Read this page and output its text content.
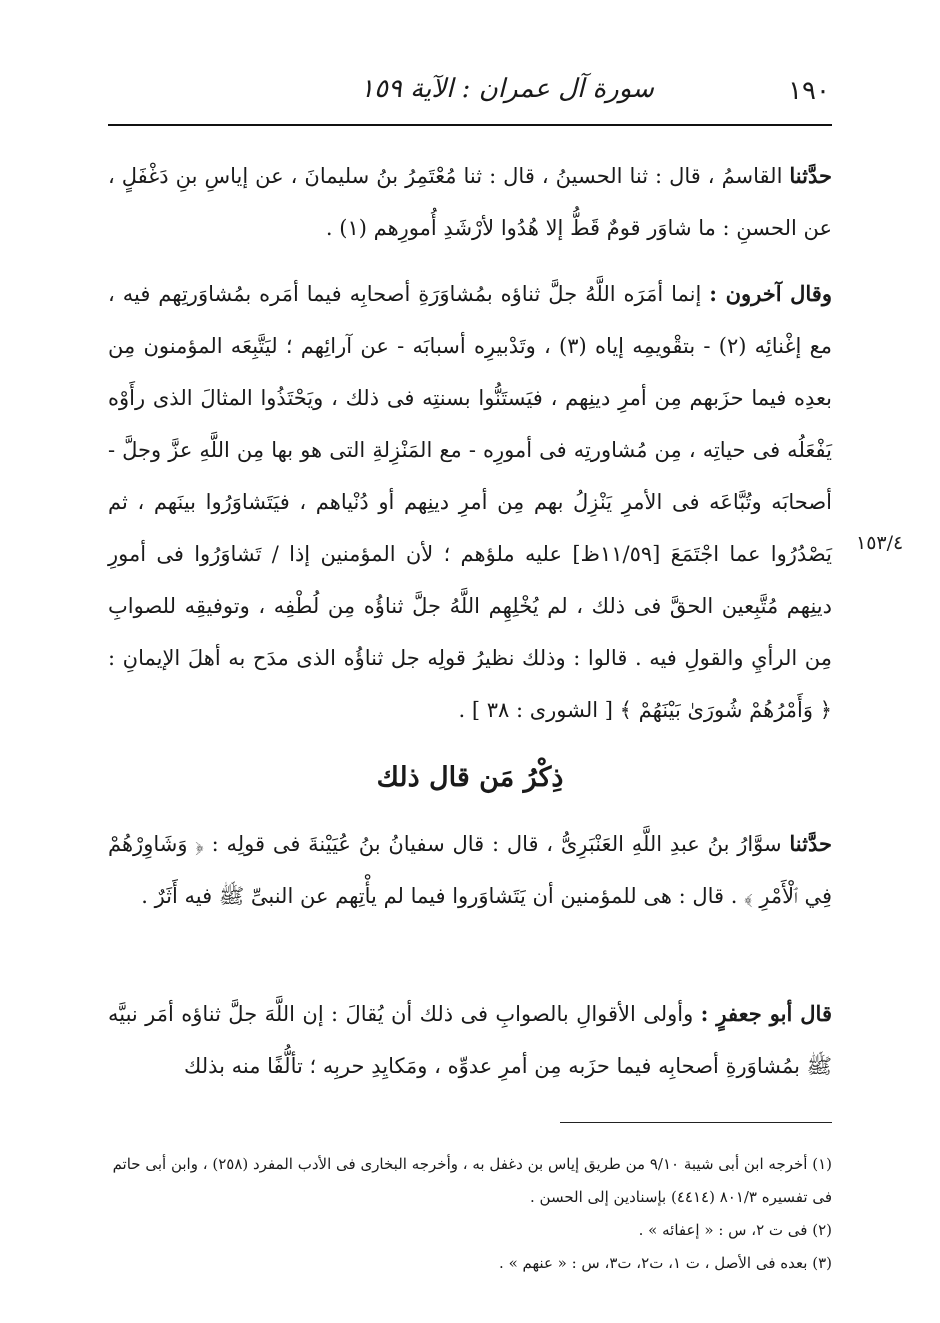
١٩٠
سورة آل عمران : الآية ١٥٩

حدَّثنا القاسمُ ، قال : ثنا الحسينُ ، قال : ثنا مُعْتَمِرُ بنُ سليمانَ ، عن إياسِ بنِ دَغْفَلٍ ، عن الحسنِ : ما شاوَر قومٌ قَطُّ إلا هُدُوا لأرْشَدِ أُمورِهم (١) .

وقال آخرون : إنما أمَرَه اللَّهُ جلَّ ثناؤه بمُشاوَرَةِ أصحابِه فيما أمَره بمُشاوَرتِهم فيه ، مع إغْنائِه (٢) - بتقْويمِه إياه (٣) ، وتَدْبيرِه أسبابَه - عن آرائِهم ؛ ليَتَّبِعَه المؤمنون مِن بعدِه فيما حزَبهم مِن أمرِ دينِهم ، فيَستَنُّوا بسنتِه فى ذلك ، ويَحْتَذُوا المثالَ الذى رأَوْه يَفْعَلُه فى حياتِه ، مِن مُشاورتِه فى أمورِه - مع المَنْزِلةِ التى هو بها مِن اللَّهِ عزَّ وجلَّ - أصحابَه وتُبَّاعَه فى الأمرِ يَنْزِلُ بهم مِن أمرِ دينِهم أو دُنْياهم ، فيَتَشاوَرُوا بينَهم ، ثم يَصْدُرُوا عما اجْتَمَعَ [١١/٥٩ظ] عليه ملؤهم ؛ لأن المؤمنين إذا / تَشاوَرُوا فى أمورِ دينِهم مُتَّبِعين الحقَّ فى ذلك ، لم يُخْلِهِم اللَّهُ جلَّ ثناؤُه مِن لُطْفِه ، وتوفيقِه للصوابِ مِن الرأيِ والقولِ فيه . قالوا : وذلك نظيرُ قولِه جل ثناؤُه الذى مدَح به أهلَ الإيمانِ : ﴿ وَأَمْرُهُمْ شُورَىٰ بَيْنَهُمْ ﴾ [ الشورى : ٣٨ ] .

١٥٣/٤
ذِكْرُ مَن قال ذلك

حدَّثنا سوَّارُ بنُ عبدِ اللَّهِ العَنْبَرِىُّ ، قال : قال سفيانُ بنُ عُيَيْنةَ فى قولِه : ﴿ وَشَاوِرْهُمْ فِي ٱلْأَمْرِ ﴾ . قال : هى للمؤمنين أن يَتَشاوَروا فيما لم يأْتِهم عن النبىِّ ﷺ فيه أَثَرٌ .

قال أبو جعفرٍ : وأولى الأقوالِ بالصوابِ فى ذلك أن يُقالَ : إن اللَّهَ جلَّ ثناؤه أمَر نبيَّه ﷺ بمُشاوَرةِ أصحابِه فيما حزَبه مِن أمرِ عدوِّه ، ومَكايِدِ حربِه ؛ تألُّفًا منه بذلك

(١) أخرجه ابن أبى شيبة ٩/١٠ من طريق إياس بن دغفل به ، وأخرجه البخارى فى الأدب المفرد (٢٥٨) ، وابن أبى حاتم فى تفسيره ٨٠١/٣ (٤٤١٤) بإسنادين إلى الحسن .
(٢) فى ت ٢، س : « إعفائه » .
(٣) بعده فى الأصل ، ت ١، ت٢، ت٣، س : « عنهم » .
